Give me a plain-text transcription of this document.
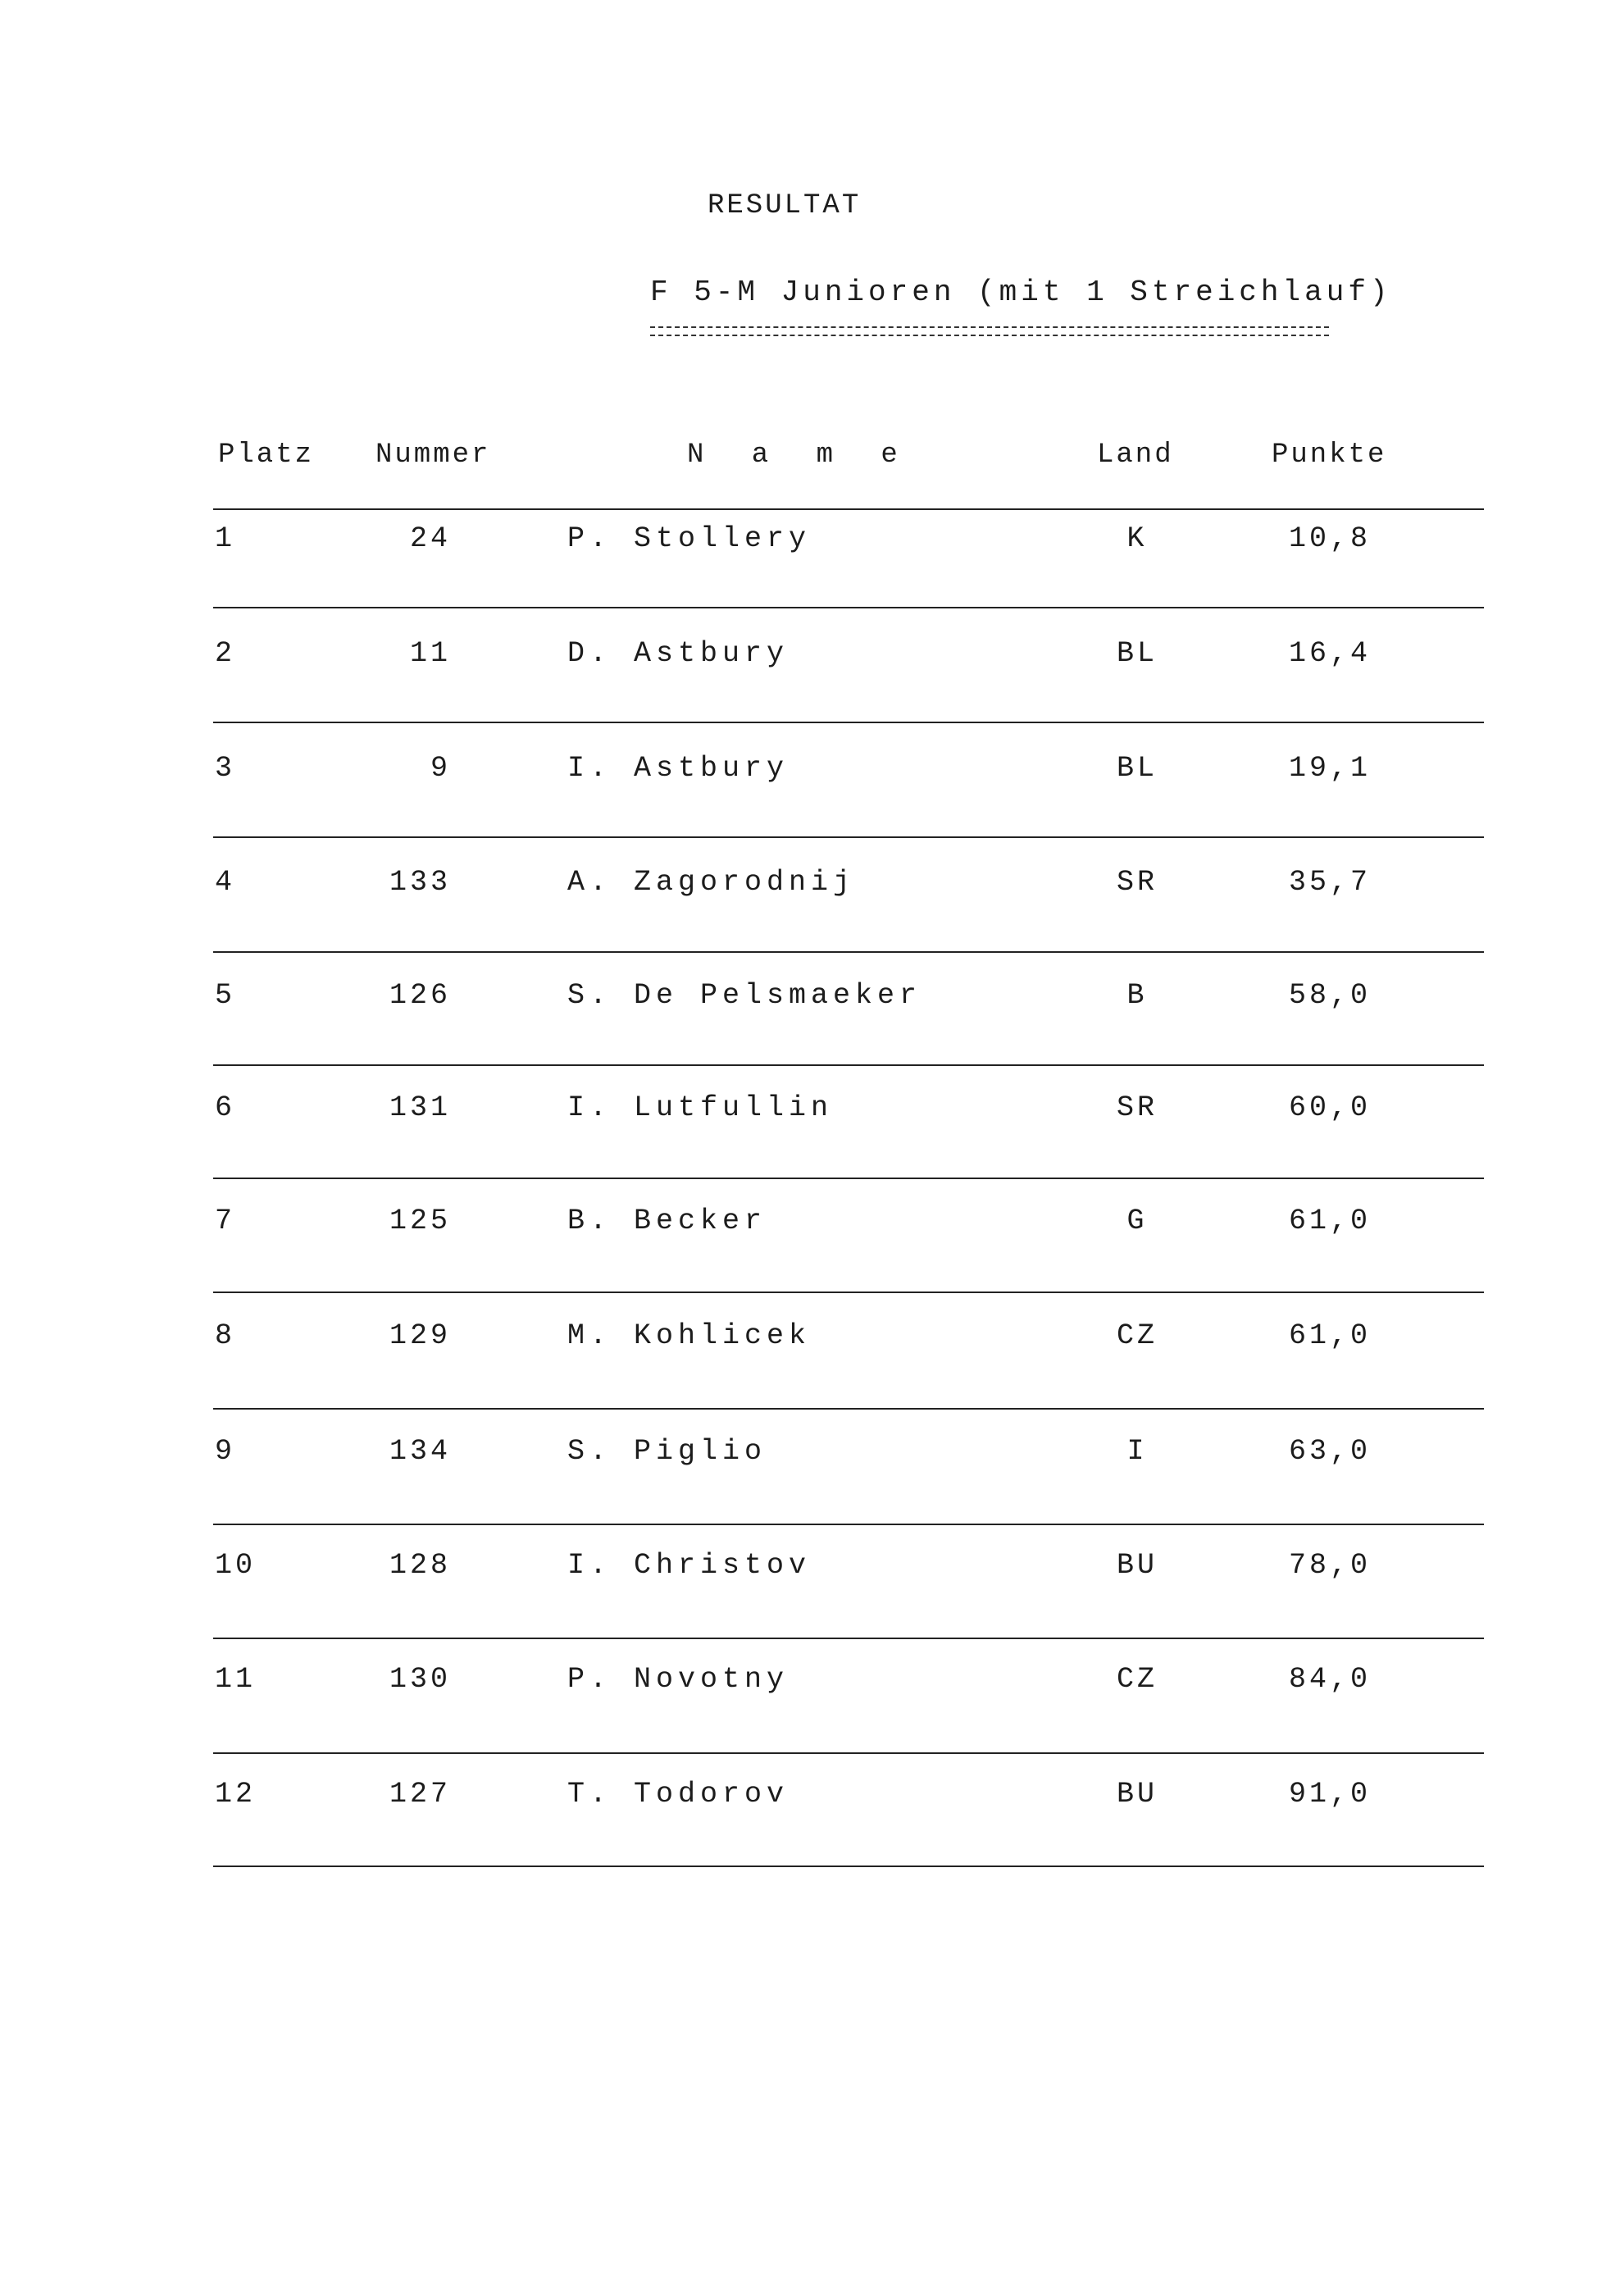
RESULTAT
F 5-M Junioren (mit 1 Streichlauf)
Platz Nummer	N a m e	Land	Punkte
1	24	P. Stollery	K	10,8
2	11	D. Astbury	BL	16,4
3	9	I. Astbury	BL	19,1
4	133	A. Zagorodnij	SR	35,7
5	126	S. De Pelsmaeker	B	58,0
6	131	I. Lutfullin	SR	60,0
7	125	B. Becker	G	61,0
8	129	M. Kohlicek	CZ	61,0
9	134	S. Piglio	I	63,0
10	128	I. Christov	BU	78,0
11	130	P. Novotny	CZ	84,0
12	127	T. Todorov	BU	91,0
